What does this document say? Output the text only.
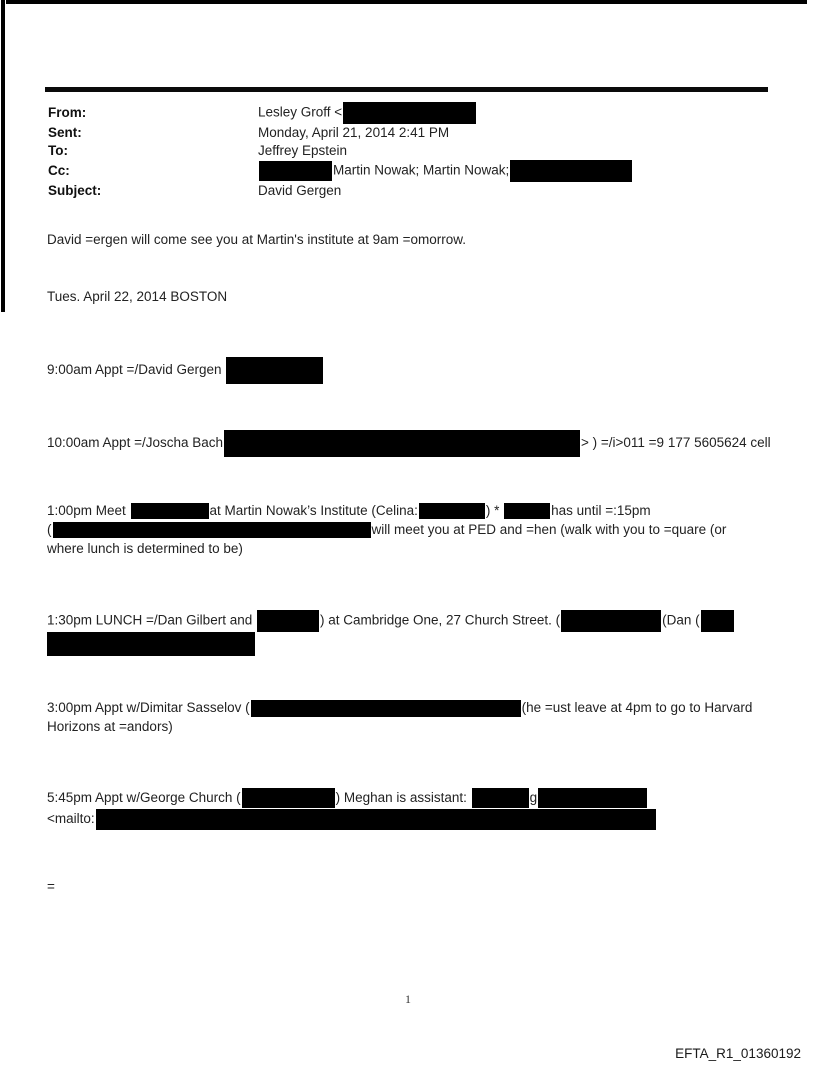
From:	Lesley Groff <
Sent:	Monday, April 21, 2014 2:41 PM
To:	Jeffrey Epstein
Cc:	Martin Nowak; Martin Nowak;
Subject:	David Gergen
David =ergen will come see you at Martin's institute at 9am =omorrow.
Tues. April 22, 2014 BOSTON
9:00am Appt =/David Gergen
10:00am Appt =/Joscha Bach	> ) =/i>011 =9 177 5605624 cell
1:00pm Meet	at Martin Nowak’s Institute (Celina:	) *	has until =:15pm
(	will meet you at PED and =hen (walk with you to =quare (or
where lunch is determined to be)
1:30pm LUNCH =/Dan Gilbert and	) at Cambridge One, 27 Church Street. (	(Dan (
3:00pm Appt w/Dimitar Sasselov (	(he =ust leave at 4pm to go to Harvard
Horizons at =andors)
5:45pm Appt w/George Church (	) Meghan is assistant:	g
<mailto:
=
1
EFTA_R1_01360192
